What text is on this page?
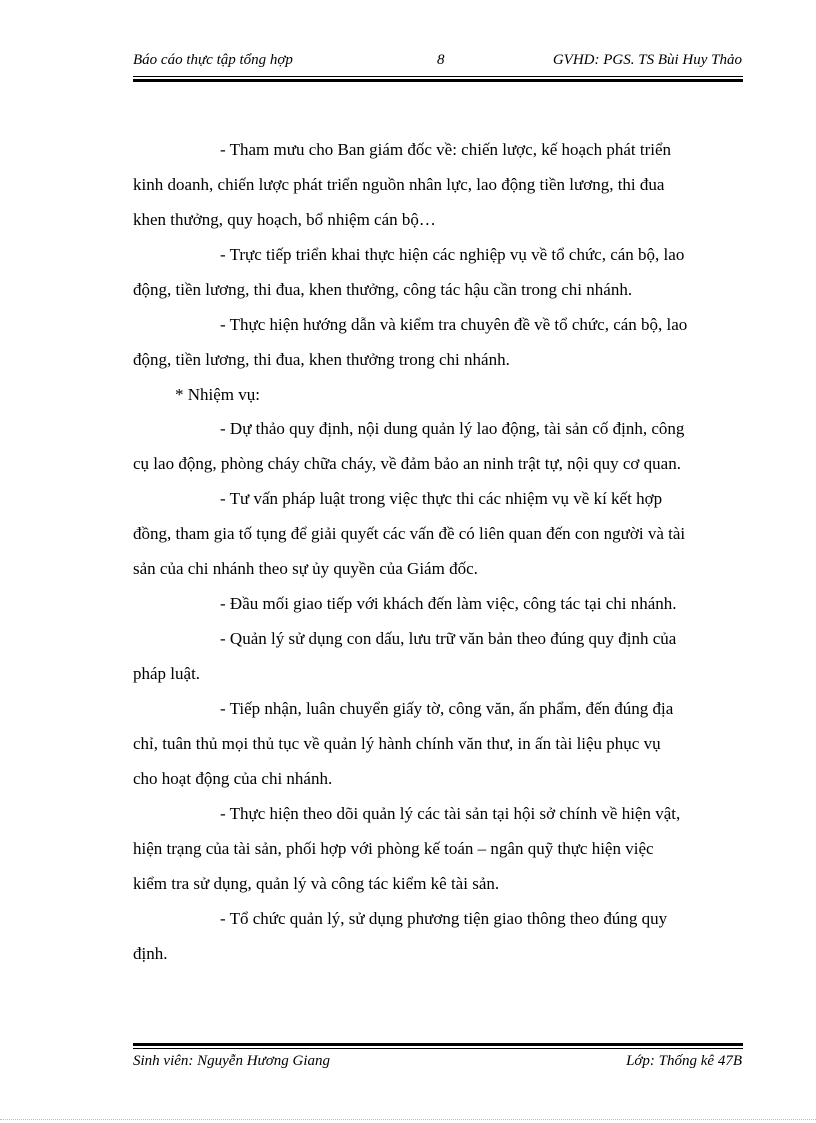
Báo cáo thực tập tổng hợp	8	GVHD: PGS. TS Bùi Huy Thảo
- Tham mưu cho Ban giám đốc về: chiến lược, kế hoạch phát triển
kinh doanh, chiến lược phát triển nguồn nhân lực, lao động tiền lương, thi đua
khen thưởng, quy hoạch, bổ nhiệm cán bộ…
- Trực tiếp triển khai thực hiện các nghiệp vụ về tổ chức, cán bộ, lao
động, tiền lương, thi đua, khen thưởng, công tác hậu cần trong chi nhánh.
- Thực hiện hướng dẫn và kiểm tra chuyên đề về tổ chức, cán bộ, lao
động, tiền lương, thi đua, khen thưởng trong chi nhánh.
* Nhiệm vụ:
- Dự thảo quy định, nội dung quản lý lao động, tài sản cố định, công
cụ lao động, phòng cháy chữa cháy, về đảm bảo an ninh trật tự, nội quy cơ quan.
- Tư vấn pháp luật trong việc thực thi các nhiệm vụ về kí kết hợp
đồng, tham gia tố tụng để giải quyết các vấn đề có liên quan đến con người và tài
sản của chi nhánh theo sự ủy quyền của Giám đốc.
- Đầu mối giao tiếp với khách đến làm việc, công tác tại chi nhánh.
- Quản lý sử dụng con dấu, lưu trữ văn bản theo đúng quy định của
pháp luật.
- Tiếp nhận, luân chuyển giấy tờ, công văn, ấn phẩm, đến đúng địa
chỉ, tuân thủ mọi thủ tục về quản lý hành chính văn thư, in ấn tài liệu phục vụ
cho hoạt động của chi nhánh.
- Thực hiện theo dõi quản lý các tài sản tại hội sở chính về hiện vật,
hiện trạng của tài sản, phối hợp với phòng kế toán – ngân quỹ thực hiện việc
kiểm tra sử dụng, quản lý và công tác kiểm kê tài sản.
- Tổ chức quản lý, sử dụng phương tiện giao thông theo đúng quy
định.
Sinh viên: Nguyễn Hương Giang	Lớp: Thống kê 47B
